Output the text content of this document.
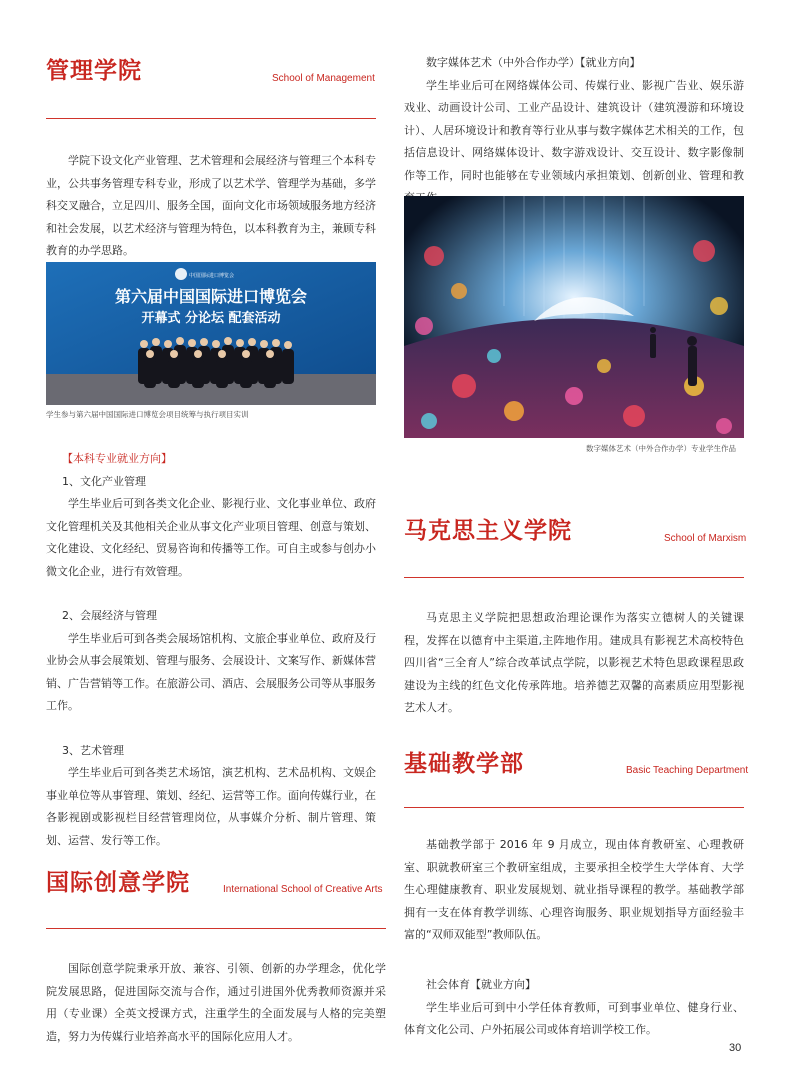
管理学院	School of Management
学院下设文化产业管理、艺术管理和会展经济与管理三个本科专业，公共事务管理专科专业，形成了以艺术学、管理学为基础，多学科交叉融合，立足四川、服务全国，面向文化市场领域服务地方经济和社会发展，以艺术经济与管理为特色，以本科教育为主，兼顾专科教育的办学思路。
中国国际进口博览会
第六届中国国际进口博览会
开幕式 分论坛 配套活动
学生参与第六届中国国际进口博览会项目统筹与执行项目实训

【本科专业就业方向】

1、文化产业管理

学生毕业后可到各类文化企业、影视行业、文化事业单位、政府文化管理机关及其他相关企业从事文化产业项目管理、创意与策划、文化建设、文化经纪、贸易咨询和传播等工作。可自主或参与创办小微文化企业，进行有效管理。

2、会展经济与管理

学生毕业后可到各类会展场馆机构、文旅企事业单位、政府及行业协会从事会展策划、管理与服务、会展设计、文案写作、新媒体营销、广告营销等工作。在旅游公司、酒店、会展服务公司等从事服务工作。

3、艺术管理

学生毕业后可到各类艺术场馆，演艺机构、艺术品机构、文娱企事业单位等从事管理、策划、经纪、运营等工作。面向传媒行业，在各影视剧或影视栏目经营管理岗位，从事媒介分析、制片管理、策划、运营、发行等工作。

国际创意学院	International School of Creative Arts
国际创意学院秉承开放、兼容、引领、创新的办学理念，优化学院发展思路，促进国际交流与合作，通过引进国外优秀教师资源并采用（专业课）全英文授课方式，注重学生的全面发展与人格的完美塑造，努力为传媒行业培养高水平的国际化应用人才。

数字媒体艺术（中外合作办学）【就业方向】

学生毕业后可在网络媒体公司、传媒行业、影视广告业、娱乐游戏业、动画设计公司、工业产品设计、建筑设计（建筑漫游和环境设计）、人居环境设计和教育等行业从事与数字媒体艺术相关的工作，包括信息设计、网络媒体设计、数字游戏设计、交互设计、数字影像制作等工作，同时也能够在专业领域内承担策划、创新创业、管理和教

数字媒体艺术（中外合作办学）专业学生作品
马克思主义学院	School of Marxism
马克思主义学院把思想政治理论课作为落实立德树人的关键课程，发挥在以德育中主渠道,主阵地作用。建成具有影视艺术高校特色四川省“三全育人”综合改革试点学院，以影视艺术特色思政课程思政建设为主线的红色文化传承阵地。培养德艺双馨的高素质应用型影视艺术人才。
基础教学部	Basic Teaching Department
基础教学部于 2016 年 9 月成立，现由体育教研室、心理教研室、职就教研室三个教研室组成，主要承担全校学生大学体育、大学生心理健康教育、职业发展规划、就业指导课程的教学。基础教学部拥有一支在体育教学训练、心理咨询服务、职业规划指导方面经验丰富的“双师双能型”教师队伍。

社会体育【就业方向】

学生毕业后可到中小学任体育教师，可到事业单位、健身行业、体育文化公司、户外拓展公司或体育培训学校工作。

30
